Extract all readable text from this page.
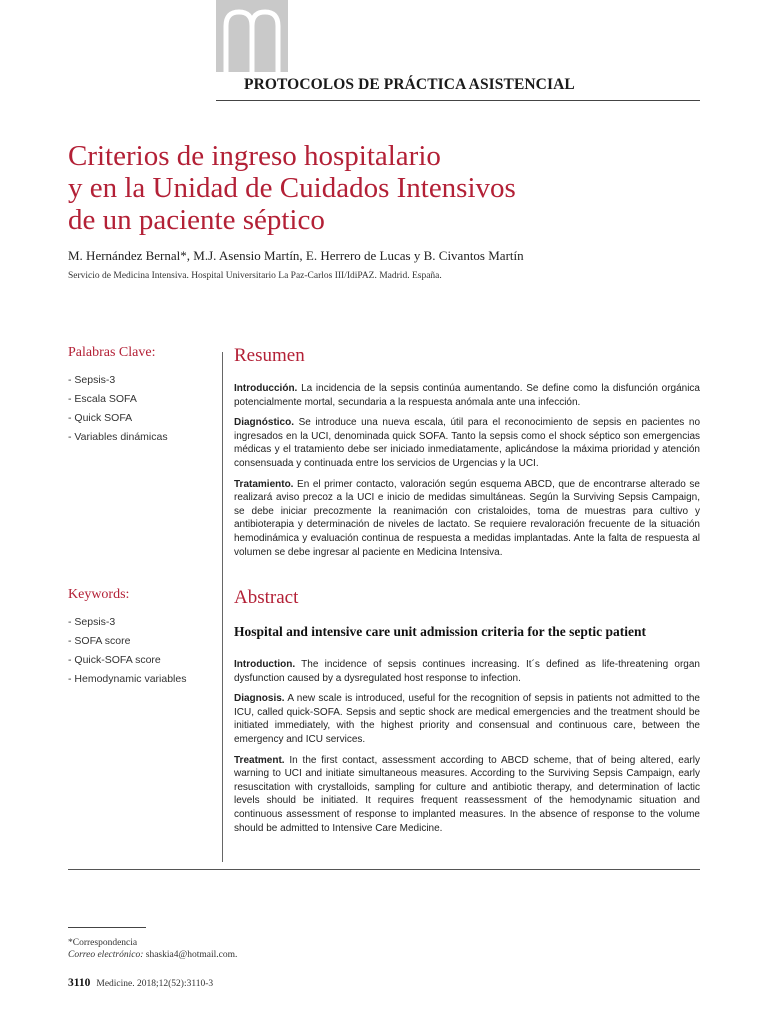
PROTOCOLOS DE PRÁCTICA ASISTENCIAL
Criterios de ingreso hospitalario
y en la Unidad de Cuidados Intensivos
de un paciente séptico
M. Hernández Bernal*, M.J. Asensio Martín, E. Herrero de Lucas y B. Civantos Martín
Servicio de Medicina Intensiva. Hospital Universitario La Paz-Carlos III/IdiPAZ. Madrid. España.
Palabras Clave:
- Sepsis-3
- Escala SOFA
- Quick SOFA
- Variables dinámicas
Keywords:
- Sepsis-3
- SOFA score
- Quick-SOFA score
- Hemodynamic variables
Resumen

Introducción. La incidencia de la sepsis continúa aumentando. Se define como la disfunción orgánica potencialmente mortal, secundaria a la respuesta anómala ante una infección.

Diagnóstico. Se introduce una nueva escala, útil para el reconocimiento de sepsis en pacientes no ingresados en la UCI, denominada quick SOFA. Tanto la sepsis como el shock séptico son emergencias médicas y el tratamiento debe ser iniciado inmediatamente, aplicándose la máxima prioridad y atención consensuada y continuada entre los servicios de Urgencias y la UCI.

Tratamiento. En el primer contacto, valoración según esquema ABCD, que de encontrarse alterado se realizará aviso precoz a la UCI e inicio de medidas simultáneas. Según la Surviving Sepsis Campaign, se debe iniciar precozmente la reanimación con cristaloides, toma de muestras para cultivo y antibioterapia y determinación de niveles de lactato. Se requiere revaloración frecuente de la situación hemodinámica y evaluación continua de respuesta a medidas implantadas. Ante la falta de respuesta al volumen se debe ingresar al paciente en Medicina Intensiva.

Abstract
Hospital and intensive care unit admission criteria for the septic patient

Introduction. The incidence of sepsis continues increasing. It´s defined as life-threatening organ dysfunction caused by a dysregulated host response to infection.

Diagnosis. A new scale is introduced, useful for the recognition of sepsis in patients not admitted to the ICU, called quick-SOFA. Sepsis and septic shock are medical emergencies and the treatment should be initiated immediately, with the highest priority and consensual and continuous care, between the emergency and ICU services.

Treatment. In the first contact, assessment according to ABCD scheme, that of being altered, early warning to UCI and initiate simultaneous measures. According to the Surviving Sepsis Campaign, early resuscitation with crystalloids, sampling for culture and antibiotic therapy, and determination of lactic levels should be initiated. It requires frequent reassessment of the hemodynamic situation and continuous assessment of response to implanted measures. In the absence of response to the volume should be admitted to Intensive Care Medicine.

*Correspondencia
Correo electrónico: shaskia4@hotmail.com.
3110 Medicine. 2018;12(52):3110-3
